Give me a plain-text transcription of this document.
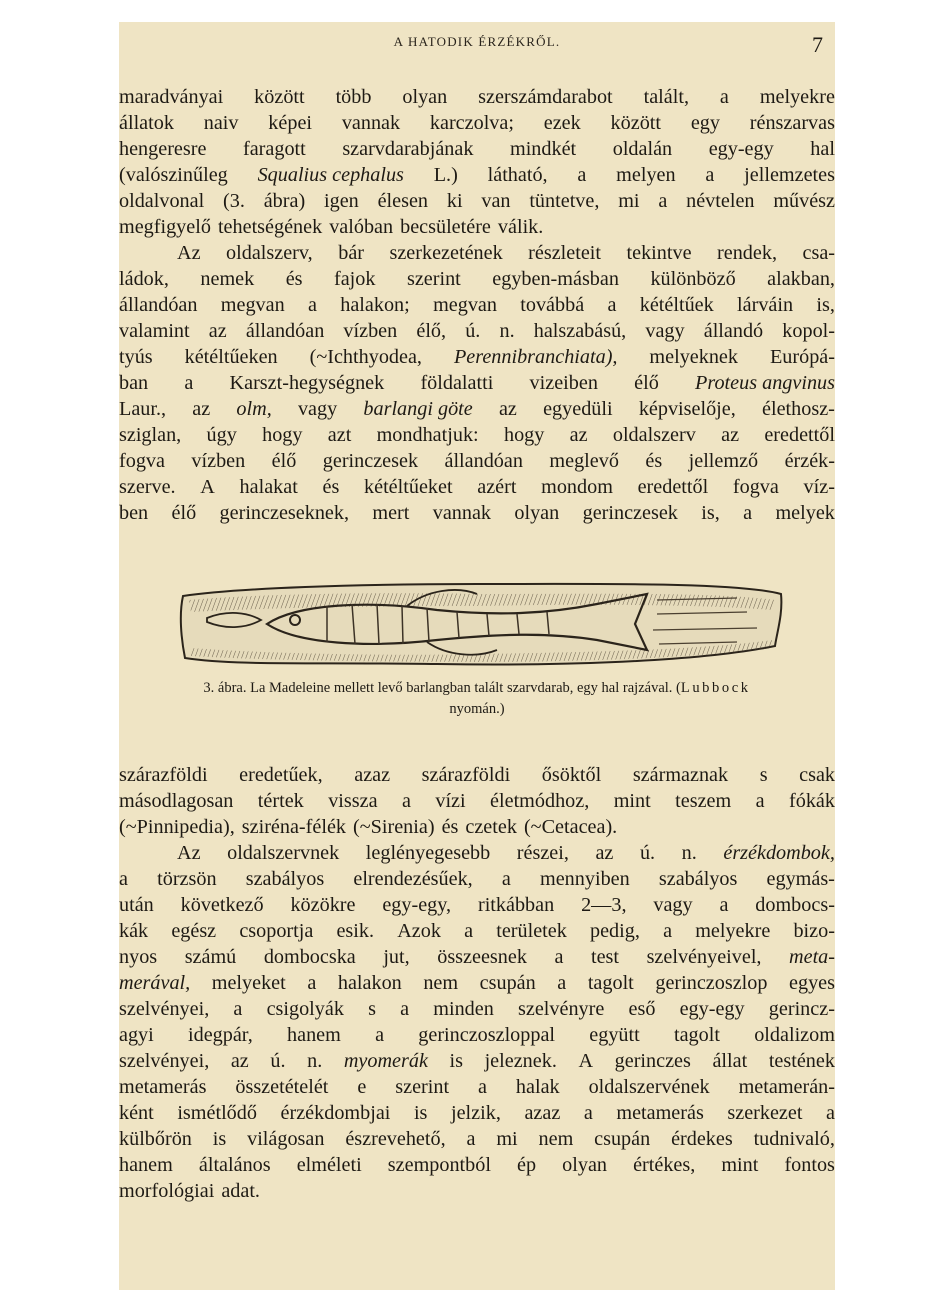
A HATODIK ÉRZÉKRŐL.	7
maradványai között több olyan szerszámdarabot talált, a melyekre
állatok naiv képei vannak karczolva; ezek között egy rénszarvas
hengeresre faragott szarvdarabjának mindkét oldalán egy-egy hal
(valószinűleg Squalius cephalus L.) látható, a melyen a jellemzetes
oldalvonal (3. ábra) igen élesen ki van tüntetve, mi a névtelen művész
megfigyelő tehetségének valóban becsületére válik.
Az oldalszerv, bár szerkezetének részleteit tekintve rendek, csa-
ládok, nemek és fajok szerint egyben-másban különböző alakban,
állandóan megvan a halakon; megvan továbbá a kétéltűek lárváin is,
valamint az állandóan vízben élő, ú. n. halszabású, vagy állandó kopol-
tyús kétéltűeken (~Ichthyodea, Perennibranchiata), melyeknek Európá-
ban a Karszt-hegységnek földalatti vizeiben élő Proteus angvinus
Laur., az olm, vagy barlangi göte az egyedüli képviselője, élethosz-
sziglan, úgy hogy azt mondhatjuk: hogy az oldalszerv az eredettől
fogva vízben élő gerinczesek állandóan meglevő és jellemző érzék-
szerve. A halakat és kétéltűeket azért mondom eredettől fogva víz-
ben élő gerinczeseknek, mert vannak olyan gerinczesek is, a melyek
3. ábra. La Madeleine mellett levő barlangban talált szarvdarab, egy hal rajzával. (Lubbock
nyomán.)
szárazföldi eredetűek, azaz szárazföldi ősöktől származnak s csak
másodlagosan tértek vissza a vízi életmódhoz, mint teszem a fókák
(~Pinnipedia), sziréna-félék (~Sirenia) és czetek (~Cetacea).
Az oldalszervnek leglényegesebb részei, az ú. n. érzékdombok,
a törzsön szabályos elrendezésűek, a mennyiben szabályos egymás-
után következő közökre egy-egy, ritkábban 2—3, vagy a dombocs-
kák egész csoportja esik. Azok a területek pedig, a melyekre bizo-
nyos számú dombocska jut, összeesnek a test szelvényeivel, meta-
merával, melyeket a halakon nem csupán a tagolt gerinczoszlop egyes
szelvényei, a csigolyák s a minden szelvényre eső egy-egy gerincz-
agyi idegpár, hanem a gerinczoszloppal együtt tagolt oldalizom
szelvényei, az ú. n. myomerák is jeleznek. A gerinczes állat testének
metamerás összetételét e szerint a halak oldalszervének metamerán-
ként ismétlődő érzékdombjai is jelzik, azaz a metamerás szerkezet a
külbőrön is világosan észrevehető, a mi nem csupán érdekes tudnivaló,
hanem általános elméleti szempontból ép olyan értékes, mint fontos
morfológiai adat.
